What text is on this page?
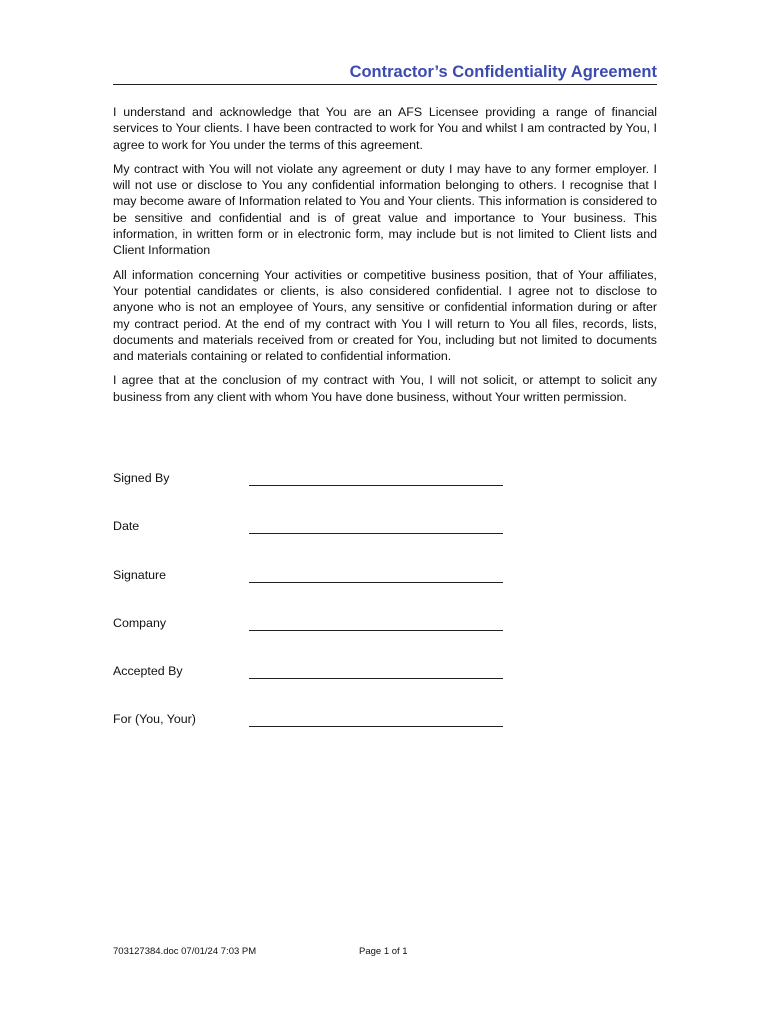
Contractor’s Confidentiality Agreement

I understand and acknowledge that You are an AFS Licensee providing a range of financial services to Your clients. I have been contracted to work for You and whilst I am contracted by You, I agree to work for You under the terms of this agreement.

My contract with You will not violate any agreement or duty I may have to any former employer. I will not use or disclose to You any confidential information belonging to others. I recognise that I may become aware of Information related to You and Your clients. This information is considered to be sensitive and confidential and is of great value and importance to Your business. This information, in written form or in electronic form, may include but is not limited to Client lists and Client Information

All information concerning Your activities or competitive business position, that of Your affiliates, Your potential candidates or clients, is also considered confidential. I agree not to disclose to anyone who is not an employee of Yours, any sensitive or confidential information during or after my contract period. At the end of my contract with You I will return to You all files, records, lists, documents and materials received from or created for You, including but not limited to documents and materials containing or related to confidential information.

I agree that at the conclusion of my contract with You, I will not solicit, or attempt to solicit any business from any client with whom You have done business, without Your written permission.

Signed By
Date
Signature
Company
Accepted By
For (You, Your)
703127384.doc 07/01/24 7:03 PM	Page 1 of 1
